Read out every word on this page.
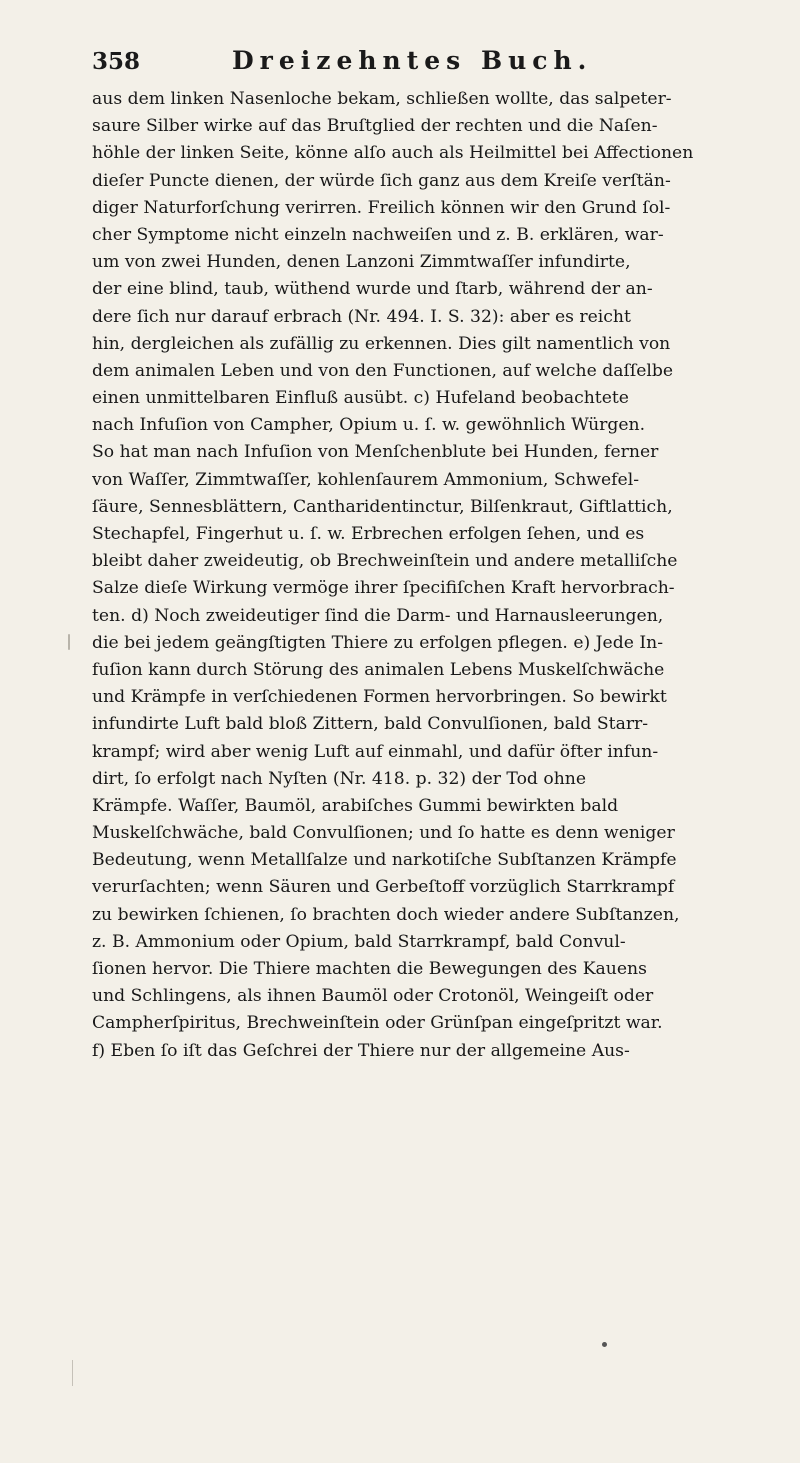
358	Dreizehntes Buch.
aus dem linken Nasenloche bekam, schließen wollte, das salpeter-
saure Silber wirke auf das Bruſtglied der rechten und die Naſen-
höhle der linken Seite, könne alſo auch als Heilmittel bei Affectionen
dieſer Puncte dienen, der würde ſich ganz aus dem Kreiſe verſtän-
diger Naturforſchung verirren. Freilich können wir den Grund ſol-
cher Symptome nicht einzeln nachweiſen und z. B. erklären, war-
um von zwei Hunden, denen Lanzoni Zimmtwaſſer infundirte,
der eine blind, taub, wüthend wurde und ſtarb, während der an-
dere ſich nur darauf erbrach (Nr. 494. I. S. 32): aber es reicht
hin, dergleichen als zufällig zu erkennen. Dies gilt namentlich von
dem animalen Leben und von den Functionen, auf welche daſſelbe
einen unmittelbaren Einfluß ausübt. c) Hufeland beobachtete
nach Infuſion von Campher, Opium u. ſ. w. gewöhnlich Würgen.
So hat man nach Infuſion von Menſchenblute bei Hunden, ferner
von Waſſer, Zimmtwaſſer, kohlenſaurem Ammonium, Schwefel-
ſäure, Sennesblättern, Cantharidentinctur, Bilſenkraut, Giftlattich,
Stechapfel, Fingerhut u. ſ. w. Erbrechen erfolgen ſehen, und es
bleibt daher zweideutig, ob Brechweinſtein und andere metalliſche
Salze dieſe Wirkung vermöge ihrer ſpecifiſchen Kraft hervorbrach-
ten. d) Noch zweideutiger ſind die Darm- und Harnausleerungen,
die bei jedem geängſtigten Thiere zu erfolgen pflegen. e) Jede In-
fuſion kann durch Störung des animalen Lebens Muskelſchwäche
und Krämpfe in verſchiedenen Formen hervorbringen. So bewirkt
infundirte Luft bald bloß Zittern, bald Convulſionen, bald Starr-
krampf; wird aber wenig Luft auf einmahl, und dafür öfter infun-
dirt, ſo erfolgt nach Nyſten (Nr. 418. p. 32) der Tod ohne
Krämpfe. Waſſer, Baumöl, arabiſches Gummi bewirkten bald
Muskelſchwäche, bald Convulſionen; und ſo hatte es denn weniger
Bedeutung, wenn Metallſalze und narkotiſche Subſtanzen Krämpfe
verurſachten; wenn Säuren und Gerbeſtoff vorzüglich Starrkrampf
zu bewirken ſchienen, ſo brachten doch wieder andere Subſtanzen,
z. B. Ammonium oder Opium, bald Starrkrampf, bald Convul-
ſionen hervor. Die Thiere machten die Bewegungen des Kauens
und Schlingens, als ihnen Baumöl oder Crotonöl, Weingeiſt oder
Campherſpiritus, Brechweinſtein oder Grünſpan eingeſpritzt war.
f) Eben ſo iſt das Geſchrei der Thiere nur der allgemeine Aus-
